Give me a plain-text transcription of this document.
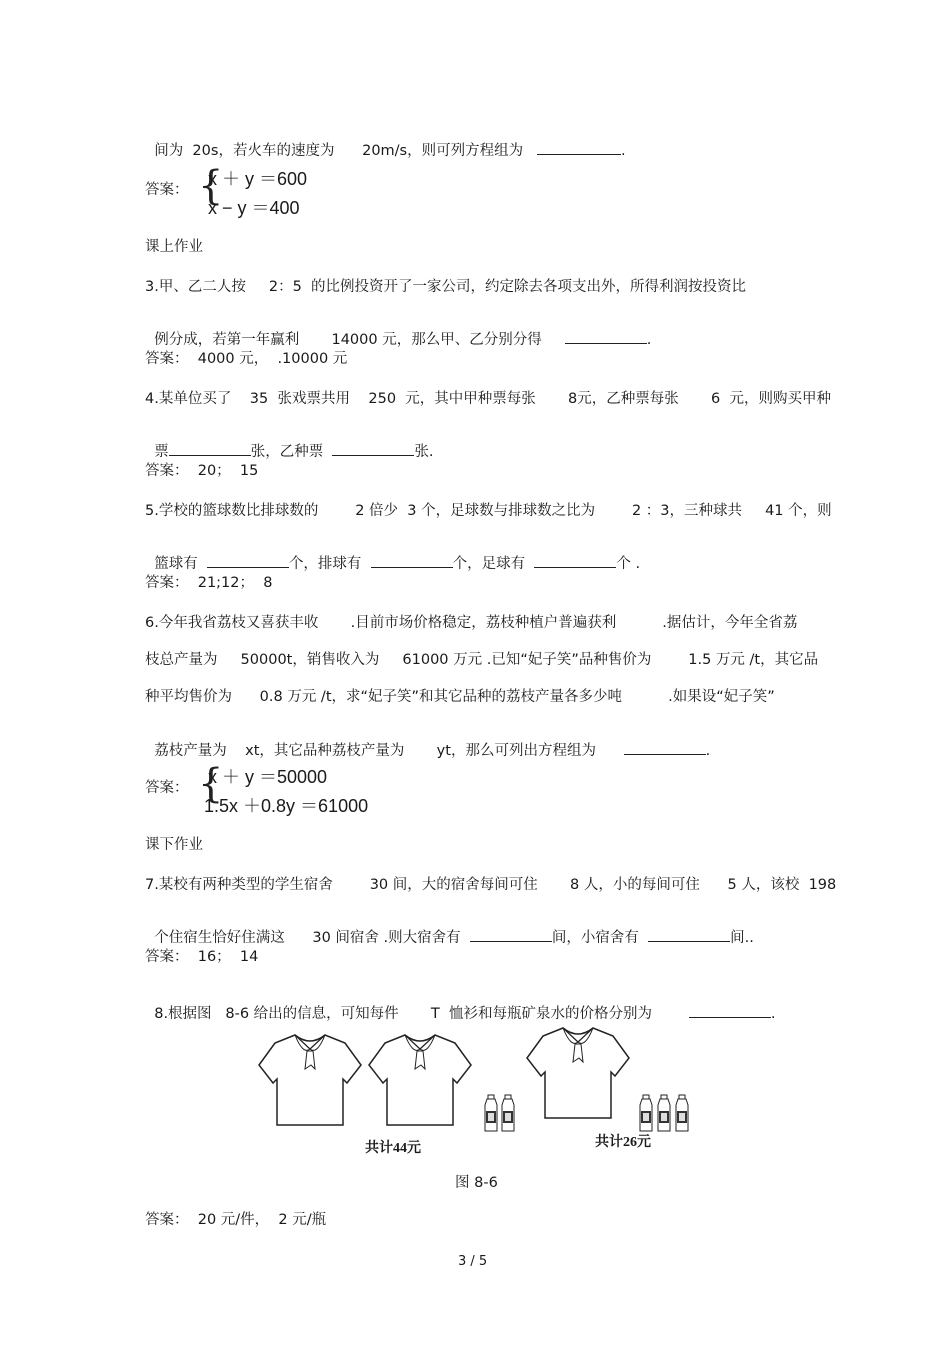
间为  20s，若火车的速度为      20m/s，则可列方程组为	.

答案： {
x ＋ y ＝600
x − y ＝400
课上作业
3.甲、乙二人按     2：5  的比例投资开了一家公司，约定除去各项支出外，所得利润按投资比

例分成，若第一年赢利       14000 元，那么甲、乙分别分得	.

答案：  4000 元，  .10000 元
4.某单位买了    35  张戏票共用    250  元，其中甲种票每张       8元，乙种票每张       6  元，则购买甲种

票	张，乙种票	张.

答案：  20；  15
5.学校的篮球数比排球数的        2 倍少  3 个，足球数与排球数之比为        2 ：3，三种球共     41 个，则

篮球有	个，排球有	个，足球有	个 .

答案：  21;12；  8
6.今年我省荔枝又喜获丰收       .目前市场价格稳定，荔枝种植户普遍获利          .据估计，今年全省荔
枝总产量为     50000t，销售收入为     61000 万元 .已知“妃子笑”品种售价为        1.5 万元 /t，其它品
种平均售价为      0.8 万元 /t，求“妃子笑”和其它品种的荔枝产量各多少吨          .如果设“妃子笑”

荔枝产量为    xt，其它品种荔枝产量为       yt，那么可列出方程组为	.

答案： {
x ＋ y ＝50000
1.5x ＋0.8y ＝61000
课下作业
7.某校有两种类型的学生宿舍        30 间，大的宿舍每间可住       8 人，小的每间可住      5 人，该校  198

个住宿生恰好住满这      30 间宿舍 .则大宿舍有	间，小宿舍有	间..

答案：  16；  14

8.根据图   8-6 给出的信息，可知每件       T  恤衫和每瓶矿泉水的价格分别为	.

共计44元	共计26元
图 8-6
答案：  20 元/件，  2 元/瓶
3 / 5
